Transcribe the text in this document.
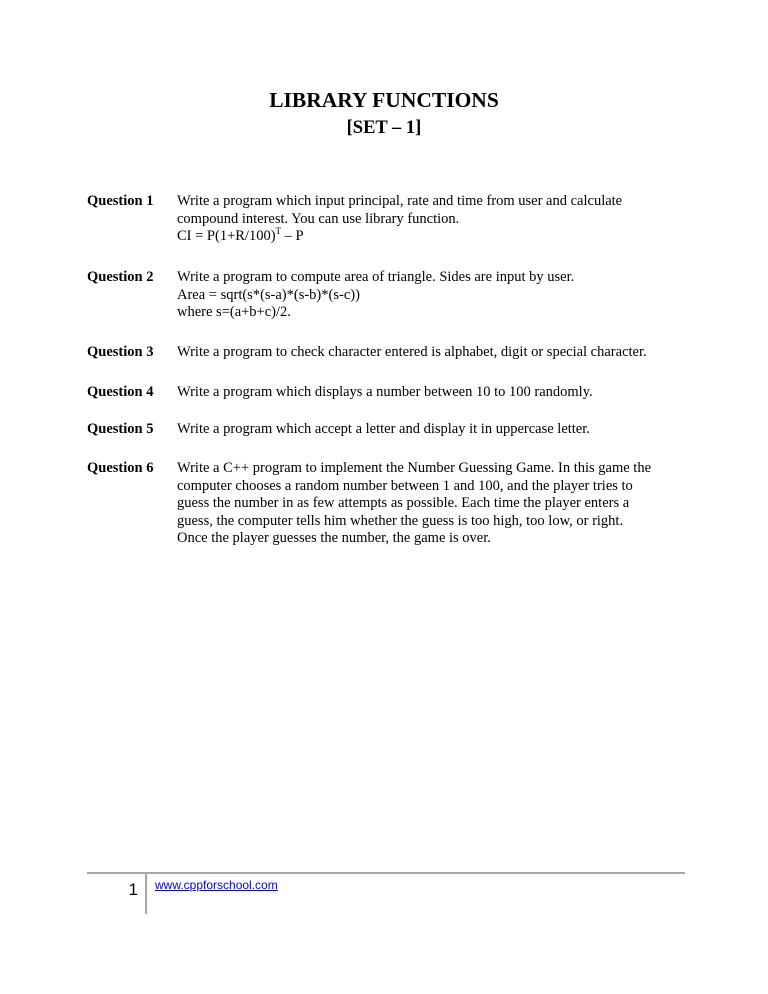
LIBRARY FUNCTIONS
[SET – 1]
Question 1	Write a program which input principal, rate and time from user and calculate
compound interest. You can use library function.
CI = $P(1+R/100)^T - P$
Question 2	Write a program to compute area of triangle. Sides are input by user.
Area = sqrt(s*(s-a)*(s-b)*(s-c))
where s=(a+b+c)/2.
Question 3	Write a program to check character entered is alphabet, digit or special character.
Question 4	Write a program which displays a number between 10 to 100 randomly.
Question 5	Write a program which accept a letter and display it in uppercase letter.
Question 6	Write a C++ program to implement the Number Guessing Game. In this game the
computer chooses a random number between 1 and 100, and the player tries to
guess the number in as few attempts as possible. Each time the player enters a
guess, the computer tells him whether the guess is too high, too low, or right.
Once the player guesses the number, the game is over.
1 www.cppforschool.com
